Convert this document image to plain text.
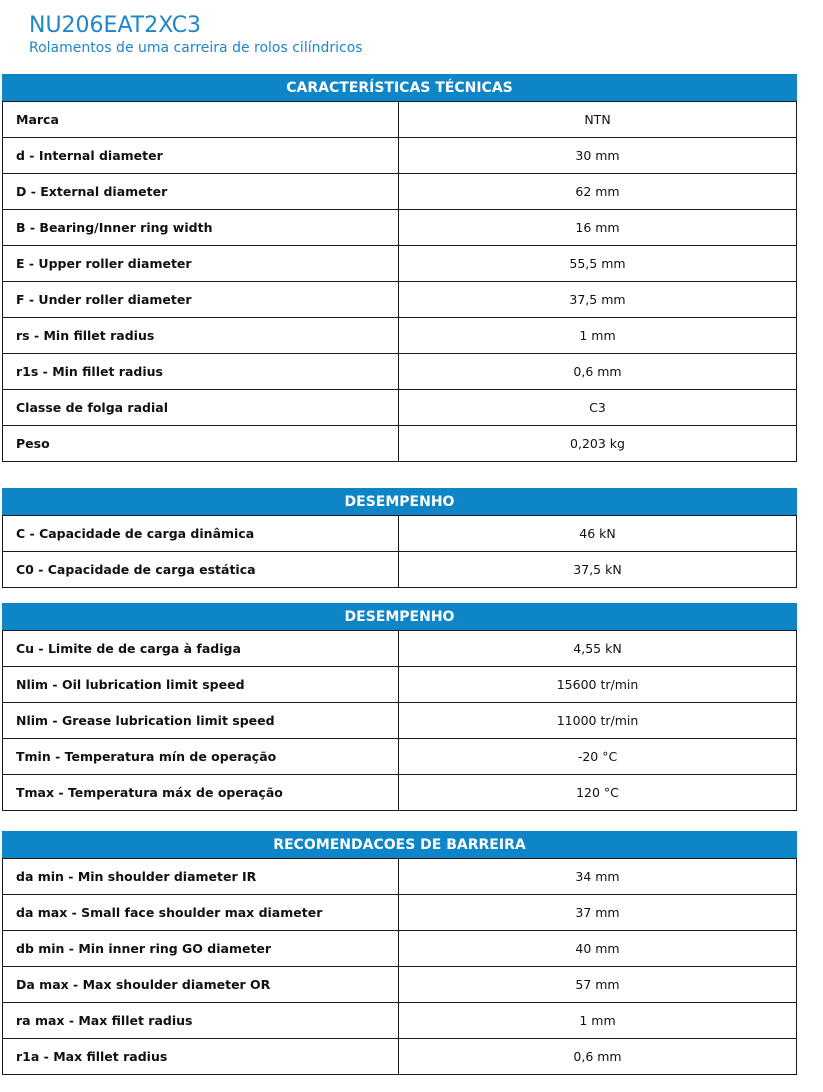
NU206EAT2XC3
Rolamentos de uma carreira de rolos cilíndricos
CARACTERÍSTICAS TÉCNICAS
Marca	NTN
d - Internal diameter	30 mm
D - External diameter	62 mm
B - Bearing/Inner ring width	16 mm
E - Upper roller diameter	55,5 mm
F - Under roller diameter	37,5 mm
rs - Min fillet radius	1 mm
r1s - Min fillet radius	0,6 mm
Classe de folga radial	C3
Peso	0,203 kg
DESEMPENHO
C - Capacidade de carga dinâmica	46 kN
C0 - Capacidade de carga estática	37,5 kN
DESEMPENHO
Cu - Limite de de carga à fadiga	4,55 kN
Nlim - Oil lubrication limit speed	15600 tr/min
Nlim - Grease lubrication limit speed	11000 tr/min
Tmin - Temperatura mín de operação	-20 °C
Tmax - Temperatura máx de operação	120 °C
RECOMENDACOES DE BARREIRA
da min - Min shoulder diameter IR	34 mm
da max - Small face shoulder max diameter	37 mm
db min - Min inner ring GO diameter	40 mm
Da max - Max shoulder diameter OR	57 mm
ra max - Max fillet radius	1 mm
r1a - Max fillet radius	0,6 mm
